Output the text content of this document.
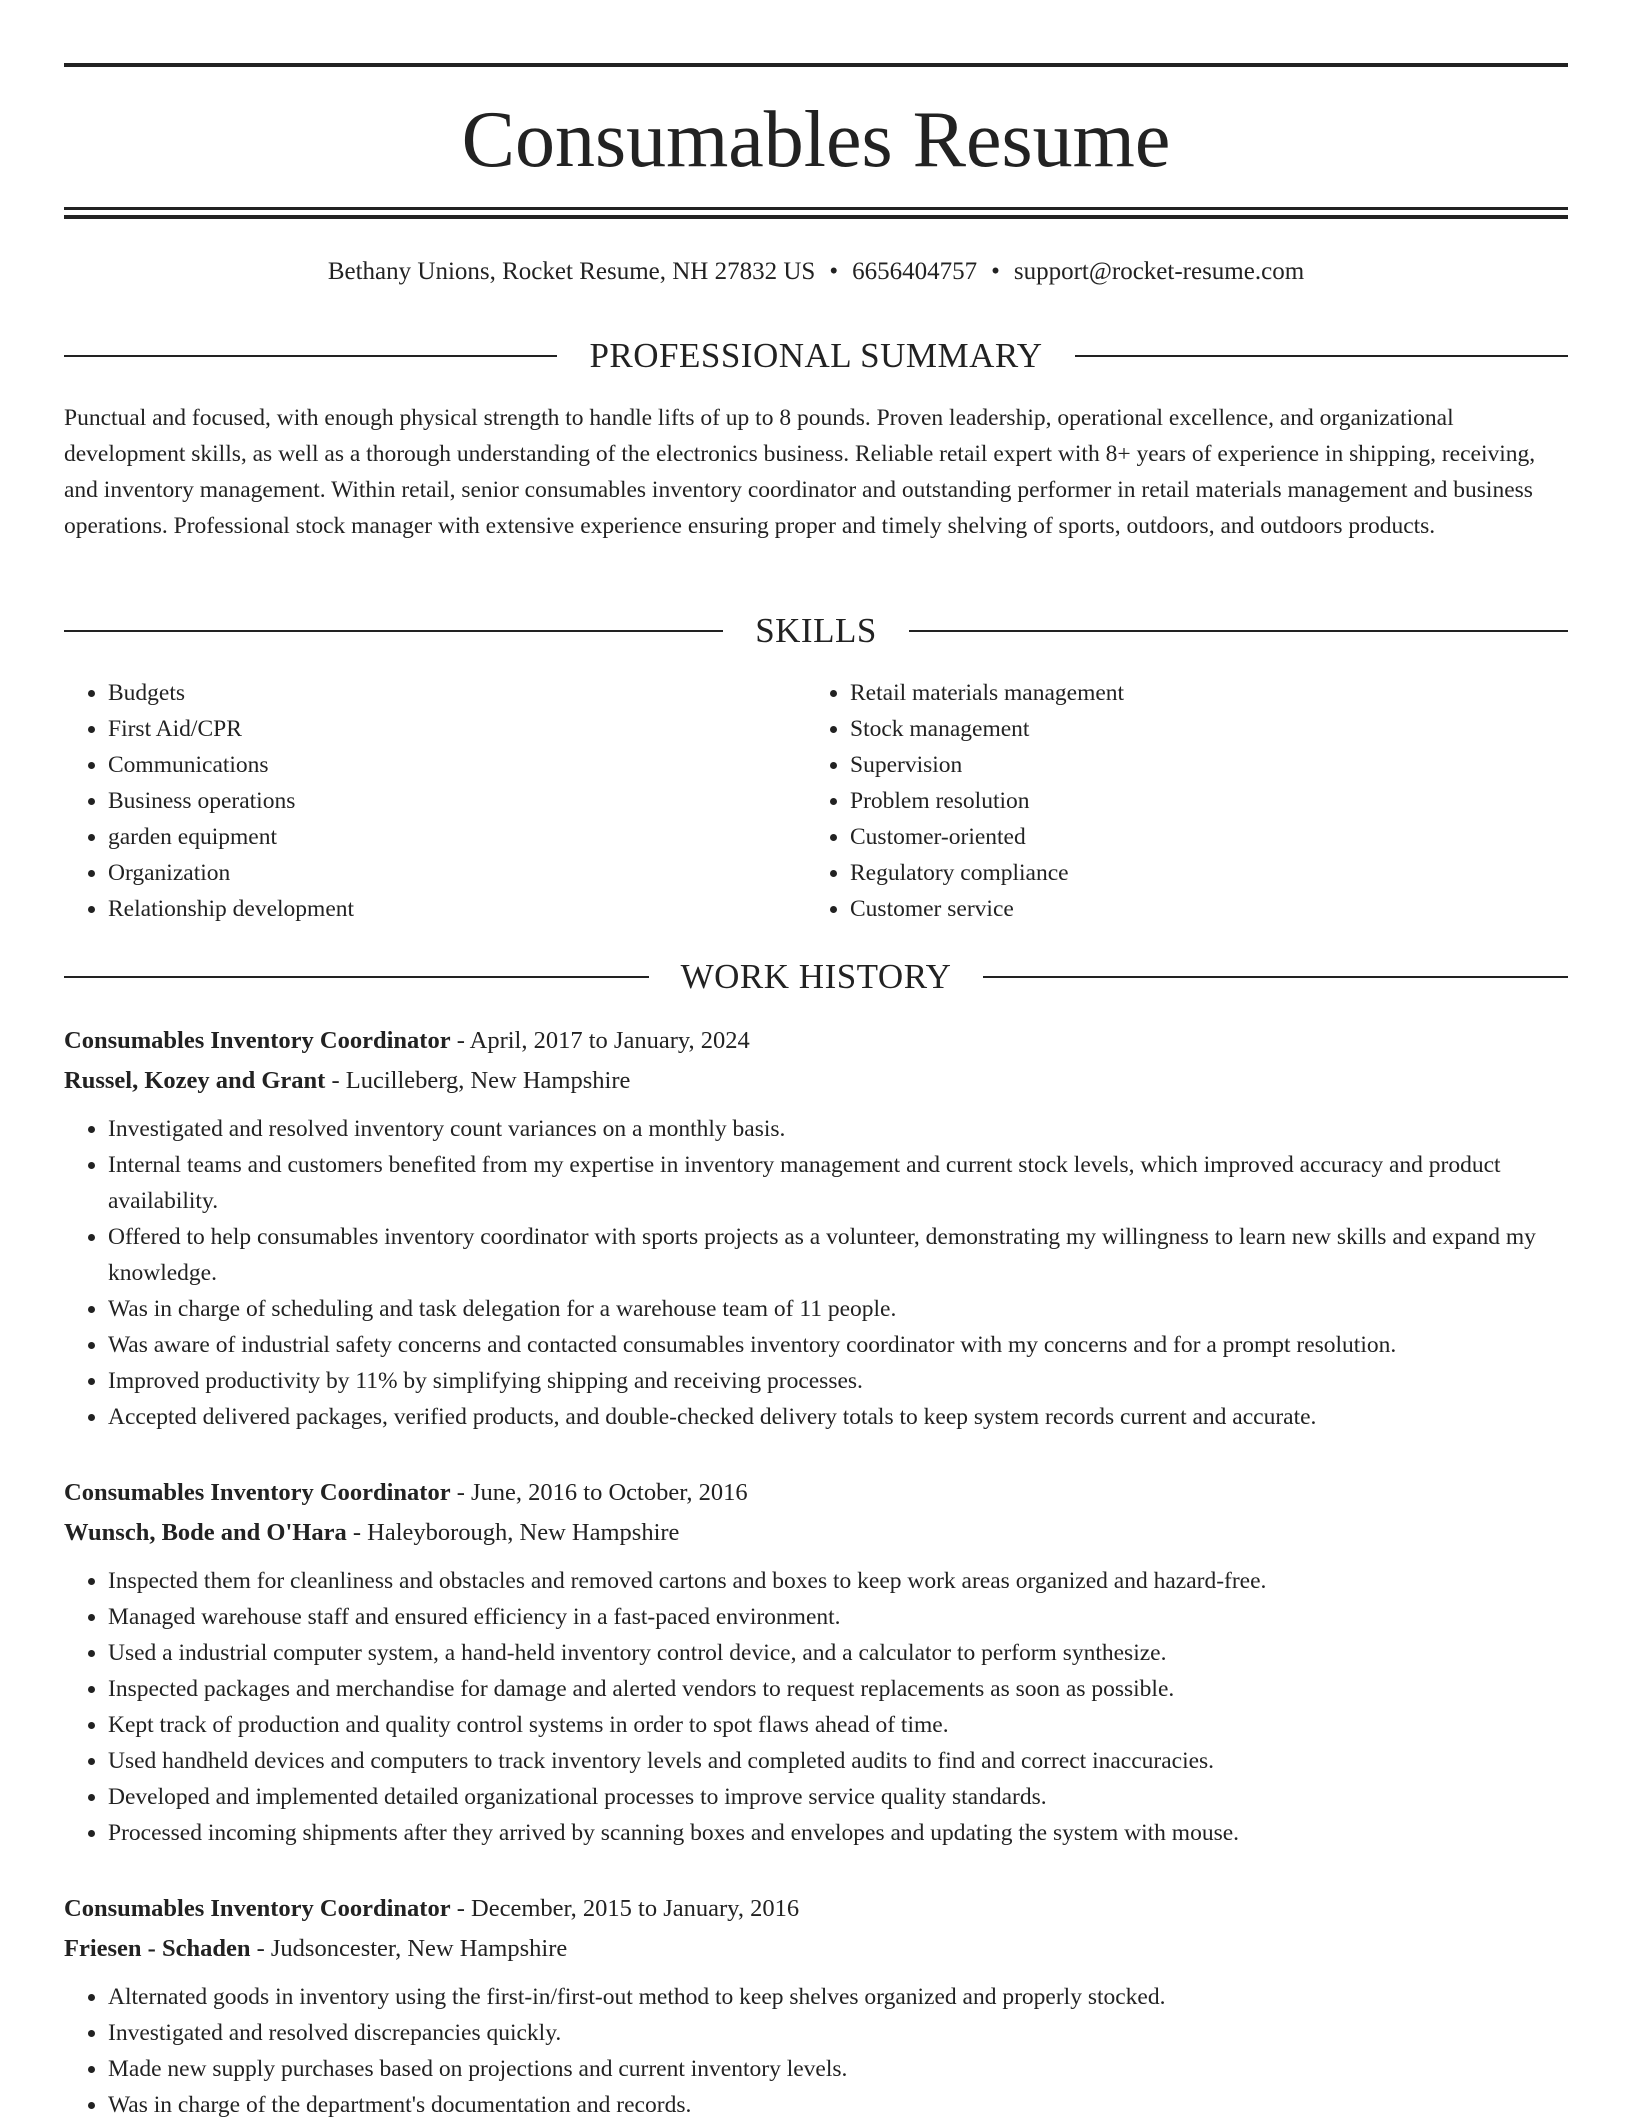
Consumables Resume
Bethany Unions, Rocket Resume, NH 27832 US • 6656404757 • support@rocket-resume.com
PROFESSIONAL SUMMARY

Punctual and focused, with enough physical strength to handle lifts of up to 8 pounds. Proven leadership, operational excellence, and organizational development skills, as well as a thorough understanding of the electronics business. Reliable retail expert with 8+ years of experience in shipping, receiving, and inventory management. Within retail, senior consumables inventory coordinator and outstanding performer in retail materials management and business operations. Professional stock manager with extensive experience ensuring proper and timely shelving of sports, outdoors, and outdoors products.

SKILLS
• Budgets
• First Aid/CPR
• Communications
• Business operations
• garden equipment
• Organization
• Relationship development
• Retail materials management
• Stock management
• Supervision
• Problem resolution
• Customer-oriented
• Regulatory compliance
• Customer service
WORK HISTORY
Consumables Inventory Coordinator - April, 2017 to January, 2024
Russel, Kozey and Grant - Lucilleberg, New Hampshire
• Investigated and resolved inventory count variances on a monthly basis.
• Internal teams and customers benefited from my expertise in inventory management and current stock levels, which improved accuracy and product availability.
• Offered to help consumables inventory coordinator with sports projects as a volunteer, demonstrating my willingness to learn new skills and expand my knowledge.
• Was in charge of scheduling and task delegation for a warehouse team of 11 people.
• Was aware of industrial safety concerns and contacted consumables inventory coordinator with my concerns and for a prompt resolution.
• Improved productivity by 11% by simplifying shipping and receiving processes.
• Accepted delivered packages, verified products, and double-checked delivery totals to keep system records current and accurate.
Consumables Inventory Coordinator - June, 2016 to October, 2016
Wunsch, Bode and O'Hara - Haleyborough, New Hampshire
• Inspected them for cleanliness and obstacles and removed cartons and boxes to keep work areas organized and hazard-free.
• Managed warehouse staff and ensured efficiency in a fast-paced environment.
• Used a industrial computer system, a hand-held inventory control device, and a calculator to perform synthesize.
• Inspected packages and merchandise for damage and alerted vendors to request replacements as soon as possible.
• Kept track of production and quality control systems in order to spot flaws ahead of time.
• Used handheld devices and computers to track inventory levels and completed audits to find and correct inaccuracies.
• Developed and implemented detailed organizational processes to improve service quality standards.
• Processed incoming shipments after they arrived by scanning boxes and envelopes and updating the system with mouse.
Consumables Inventory Coordinator - December, 2015 to January, 2016
Friesen - Schaden - Judsoncester, New Hampshire
• Alternated goods in inventory using the first-in/first-out method to keep shelves organized and properly stocked.
• Investigated and resolved discrepancies quickly.
• Made new supply purchases based on projections and current inventory levels.
• Was in charge of the department's documentation and records.
